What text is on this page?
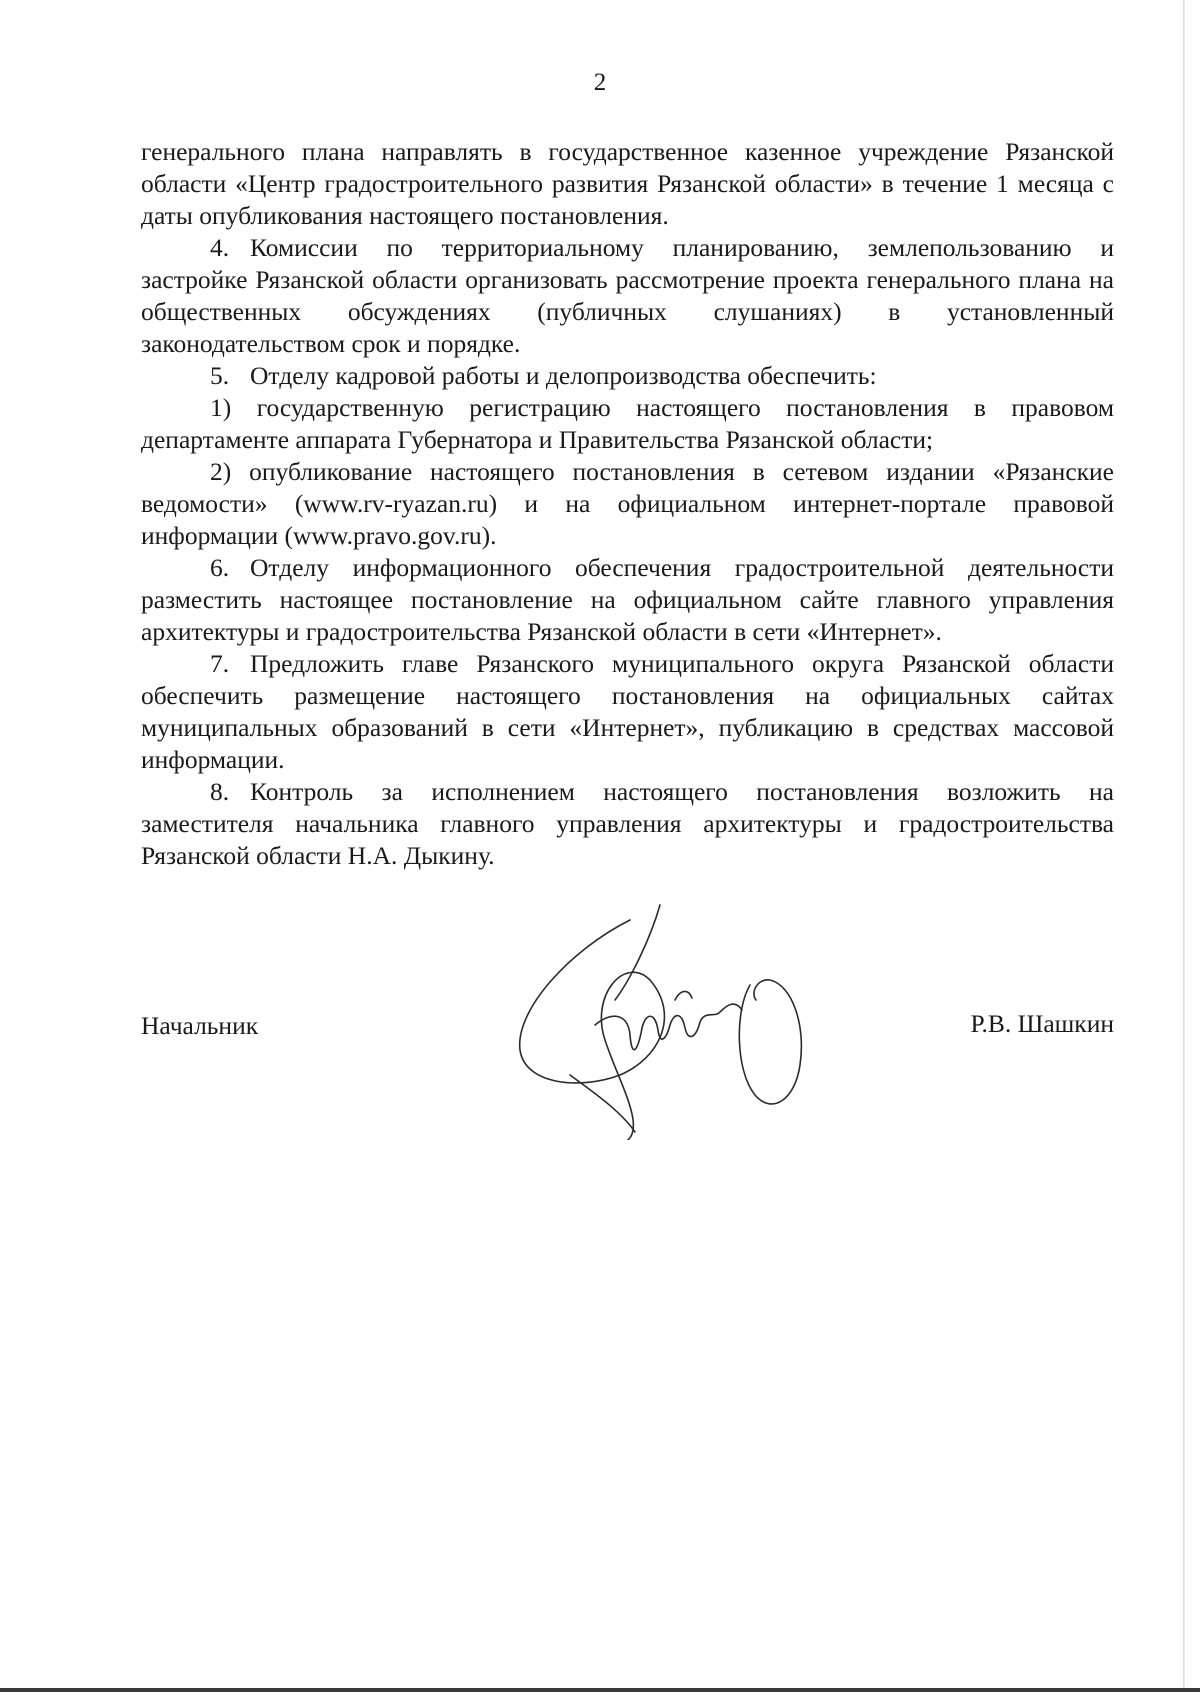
2

генерального плана направлять в государственное казенное учреждение Рязанской области «Центр градостроительного развития Рязанской области» в течение 1 месяца с даты опубликования настоящего постановления.

4. Комиссии по территориальному планированию, землепользованию и застройке Рязанской области организовать рассмотрение проекта генерального плана на общественных обсуждениях (публичных слушаниях) в установленный законодательством срок и порядке.

5. Отделу кадровой работы и делопроизводства обеспечить:

1) государственную регистрацию настоящего постановления в правовом департаменте аппарата Губернатора и Правительства Рязанской области;

2) опубликование настоящего постановления в сетевом издании «Рязанские ведомости» (www.rv-ryazan.ru) и на официальном интернет-портале правовой информации (www.pravo.gov.ru).

6. Отделу информационного обеспечения градостроительной деятельности разместить настоящее постановление на официальном сайте главного управления архитектуры и градостроительства Рязанской области в сети «Интернет».

7. Предложить главе Рязанского муниципального округа Рязанской области обеспечить размещение настоящего постановления на официальных сайтах муниципальных образований в сети «Интернет», публикацию в средствах массовой информации.

8. Контроль за исполнением настоящего постановления возложить на заместителя начальника главного управления архитектуры и градостроительства Рязанской области Н.А. Дыкину.

Начальник	Р.В. Шашкин
